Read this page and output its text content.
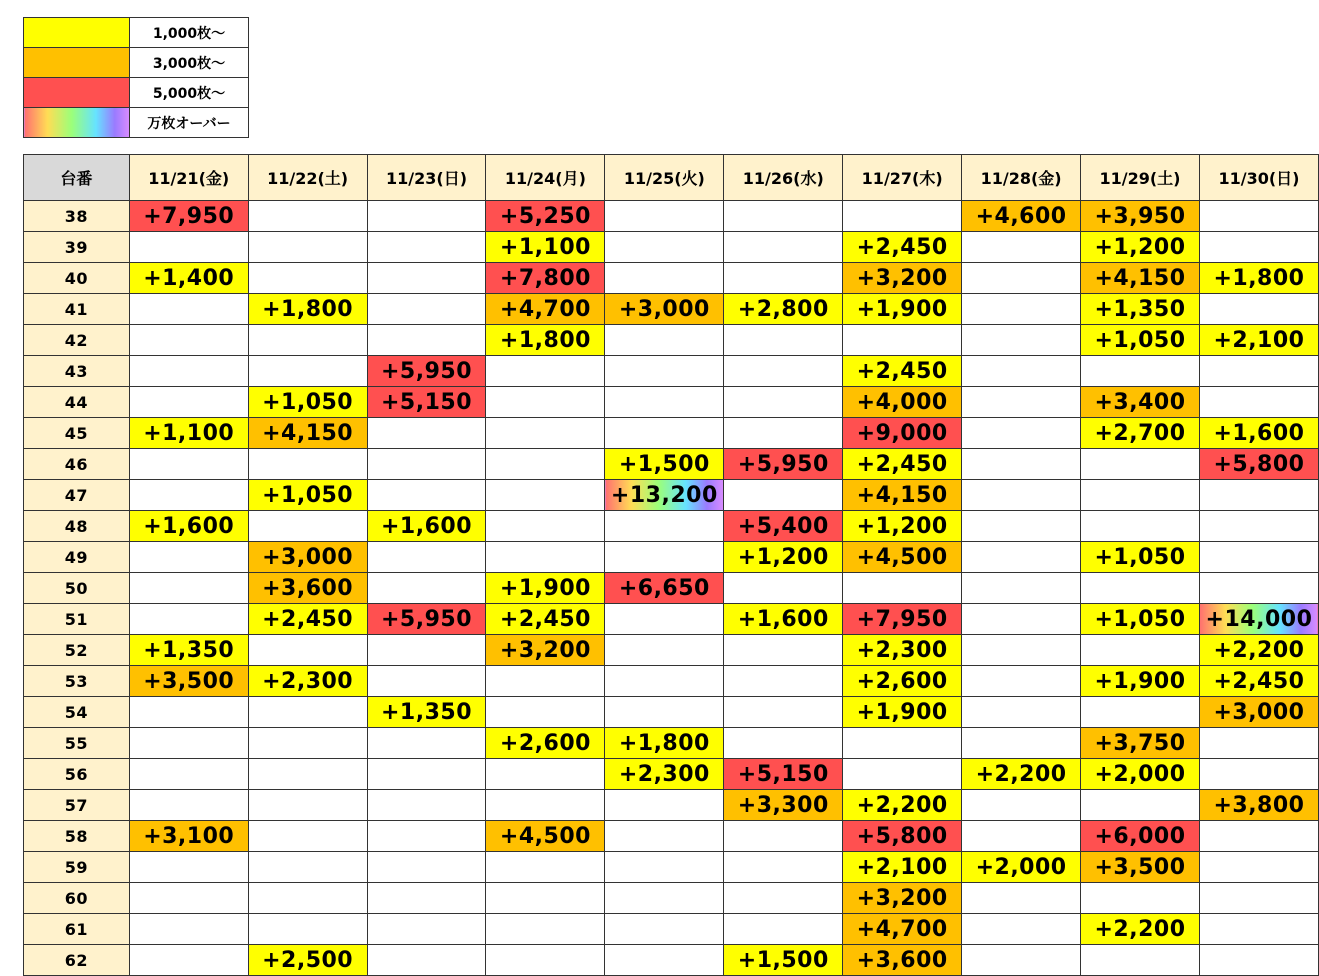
	1,000枚～
	3,000枚～
	5,000枚～
	万枚オーバー
台番	11/21(金)	11/22(土)	11/23(日)	11/24(月)	11/25(火)	11/26(水)	11/27(木)	11/28(金)	11/29(土)	11/30(日)
38	+7,950			+5,250				+4,600	+3,950	
39				+1,100			+2,450		+1,200	
40	+1,400			+7,800			+3,200		+4,150	+1,800
41		+1,800		+4,700	+3,000	+2,800	+1,900		+1,350	
42				+1,800					+1,050	+2,100
43			+5,950				+2,450			
44		+1,050	+5,150				+4,000		+3,400	
45	+1,100	+4,150					+9,000		+2,700	+1,600
46					+1,500	+5,950	+2,450			+5,800
47		+1,050			+13,200		+4,150			
48	+1,600		+1,600			+5,400	+1,200			
49		+3,000				+1,200	+4,500		+1,050	
50		+3,600		+1,900	+6,650					
51		+2,450	+5,950	+2,450		+1,600	+7,950		+1,050	+14,000
52	+1,350			+3,200			+2,300			+2,200
53	+3,500	+2,300					+2,600		+1,900	+2,450
54			+1,350				+1,900			+3,000
55				+2,600	+1,800				+3,750	
56					+2,300	+5,150		+2,200	+2,000	
57						+3,300	+2,200			+3,800
58	+3,100			+4,500			+5,800		+6,000	
59							+2,100	+2,000	+3,500	
60							+3,200			
61							+4,700		+2,200	
62		+2,500				+1,500	+3,600			
